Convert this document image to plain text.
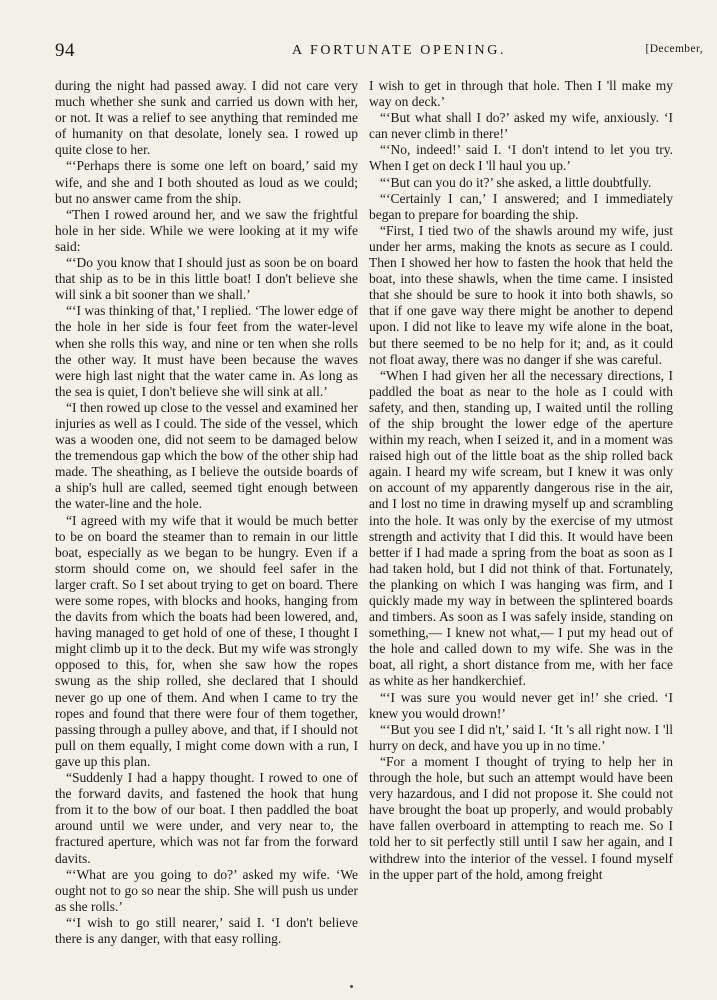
94	A FORTUNATE OPENING.	[December,

during the night had passed away. I did not care very much whether she sunk and carried us down with her, or not. It was a relief to see anything that reminded me of humanity on that desolate, lonely sea. I rowed up quite close to her.

“‘Perhaps there is some one left on board,’ said my wife, and she and I both shouted as loud as we could; but no answer came from the ship.

“Then I rowed around her, and we saw the frightful hole in her side. While we were looking at it my wife said:

“‘Do you know that I should just as soon be on board that ship as to be in this little boat! I don't believe she will sink a bit sooner than we shall.’

“‘I was thinking of that,’ I replied. ‘The lower edge of the hole in her side is four feet from the water-level when she rolls this way, and nine or ten when she rolls the other way. It must have been because the waves were high last night that the water came in. As long as the sea is quiet, I don't believe she will sink at all.’

“I then rowed up close to the vessel and examined her injuries as well as I could. The side of the vessel, which was a wooden one, did not seem to be damaged below the tremendous gap which the bow of the other ship had made. The sheathing, as I believe the outside boards of a ship's hull are called, seemed tight enough between the water-line and the hole.

“I agreed with my wife that it would be much better to be on board the steamer than to remain in our little boat, especially as we began to be hungry. Even if a storm should come on, we should feel safer in the larger craft. So I set about trying to get on board. There were some ropes, with blocks and hooks, hanging from the davits from which the boats had been lowered, and, having managed to get hold of one of these, I thought I might climb up it to the deck. But my wife was strongly opposed to this, for, when she saw how the ropes swung as the ship rolled, she declared that I should never go up one of them. And when I came to try the ropes and found that there were four of them together, passing through a pulley above, and that, if I should not pull on them equally, I might come down with a run, I gave up this plan.

“Suddenly I had a happy thought. I rowed to one of the forward davits, and fastened the hook that hung from it to the bow of our boat. I then paddled the boat around until we were under, and very near to, the fractured aperture, which was not far from the forward davits.

“‘What are you going to do?’ asked my wife. ‘We ought not to go so near the ship. She will push us under as she rolls.’

“‘I wish to go still nearer,’ said I. ‘I don't believe there is any danger, with that easy rolling.

I wish to get in through that hole. Then I 'll make my way on deck.’

“‘But what shall I do?’ asked my wife, anxiously. ‘I can never climb in there!’

“‘No, indeed!’ said I. ‘I don't intend to let you try. When I get on deck I 'll haul you up.’

“‘But can you do it?’ she asked, a little doubtfully.

“‘Certainly I can,’ I answered; and I immediately began to prepare for boarding the ship.

“First, I tied two of the shawls around my wife, just under her arms, making the knots as secure as I could. Then I showed her how to fasten the hook that held the boat, into these shawls, when the time came. I insisted that she should be sure to hook it into both shawls, so that if one gave way there might be another to depend upon. I did not like to leave my wife alone in the boat, but there seemed to be no help for it; and, as it could not float away, there was no danger if she was careful.

“When I had given her all the necessary directions, I paddled the boat as near to the hole as I could with safety, and then, standing up, I waited until the rolling of the ship brought the lower edge of the aperture within my reach, when I seized it, and in a moment was raised high out of the little boat as the ship rolled back again. I heard my wife scream, but I knew it was only on account of my apparently dangerous rise in the air, and I lost no time in drawing myself up and scrambling into the hole. It was only by the exercise of my utmost strength and activity that I did this. It would have been better if I had made a spring from the boat as soon as I had taken hold, but I did not think of that. Fortunately, the planking on which I was hanging was firm, and I quickly made my way in between the splintered boards and timbers. As soon as I was safely inside, standing on something,— I knew not what,— I put my head out of the hole and called down to my wife. She was in the boat, all right, a short distance from me, with her face as white as her handkerchief.

“‘I was sure you would never get in!’ she cried. ‘I knew you would drown!’

“‘But you see I did n't,’ said I. ‘It 's all right now. I 'll hurry on deck, and have you up in no time.’

“For a moment I thought of trying to help her in through the hole, but such an attempt would have been very hazardous, and I did not propose it. She could not have brought the boat up properly, and would probably have fallen overboard in attempting to reach me. So I told her to sit perfectly still until I saw her again, and I withdrew into the interior of the vessel. I found myself in the upper part of the hold, among freight
